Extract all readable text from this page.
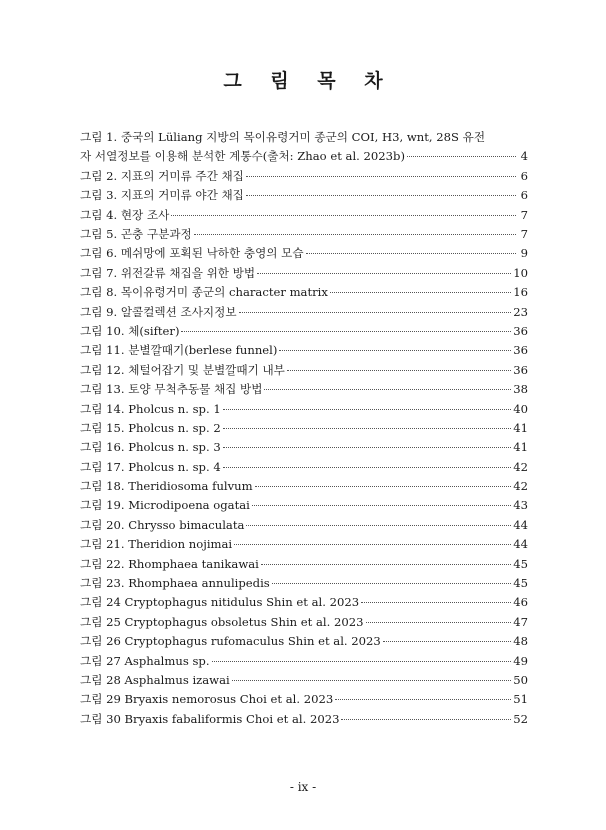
그 림 목 차
그림 1. 중국의 Lüliang 지방의 목이유령거미 종군의 COI, H3, wnt, 28S 유전
자 서열정보를 이용해 분석한 계통수(출처: Zhao et al. 2023b)	4
그림 2. 지표의 거미류 주간 채집	6
그림 3. 지표의 거미류 야간 채집	6
그림 4. 현장 조사	7
그림 5. 곤충 구분과정	7
그림 6. 메쉬망에 포획된 낙하한 충영의 모습	9
그림 7. 위전갈류 채집을 위한 방법	10
그림 8. 목이유령거미 종군의 character matrix	16
그림 9. 알콜컬렉션 조사지정보	23
그림 10. 체(sifter)	36
그림 11. 분별깔때기(berlese funnel)	36
그림 12. 체털어잡기 및 분별깔때기 내부	36
그림 13. 토양 무척추동물 채집 방법	38
그림 14. Pholcus n. sp. 1	40
그림 15. Pholcus n. sp. 2	41
그림 16. Pholcus n. sp. 3	41
그림 17. Pholcus n. sp. 4	42
그림 18. Theridiosoma fulvum	42
그림 19. Microdipoena ogatai	43
그림 20. Chrysso bimaculata	44
그림 21. Theridion nojimai	44
그림 22. Rhomphaea tanikawai	45
그림 23. Rhomphaea annulipedis	45
그림 24 Cryptophagus nitidulus Shin et al. 2023	46
그림 25 Cryptophagus obsoletus Shin et al. 2023	47
그림 26 Cryptophagus rufomaculus Shin et al. 2023	48
그림 27 Asphalmus sp.	49
그림 28 Asphalmus izawai	50
그림 29 Bryaxis nemorosus Choi et al. 2023	51
그림 30 Bryaxis fabaliformis Choi et al. 2023	52
- ix -
